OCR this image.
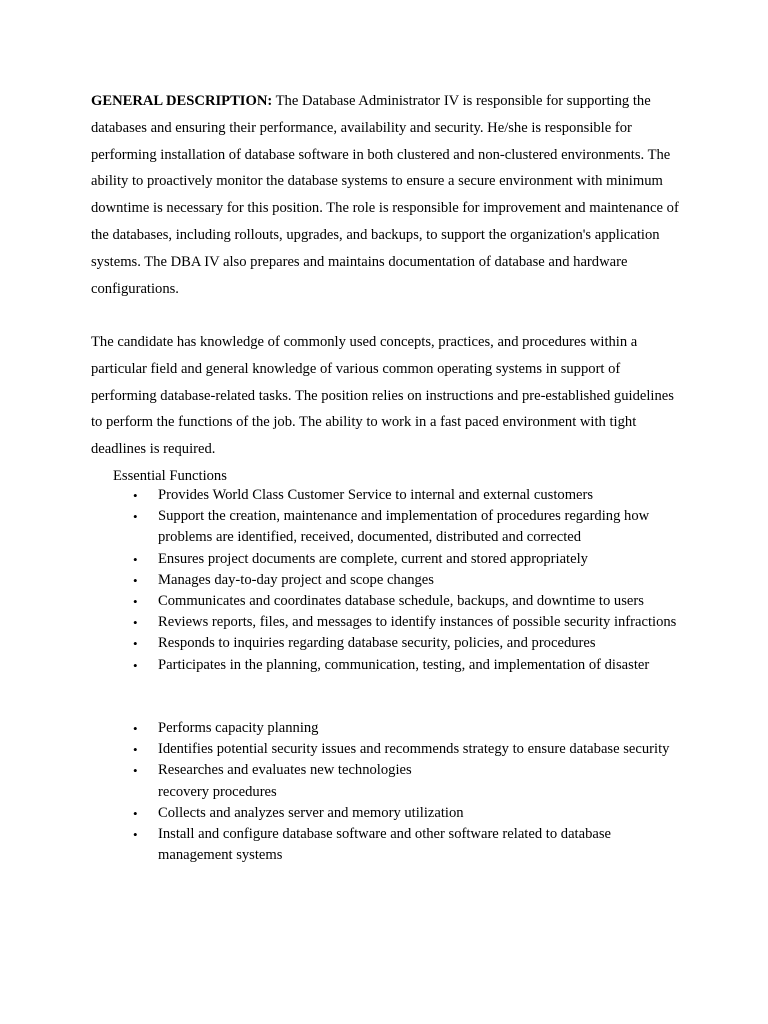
GENERAL DESCRIPTION: The Database Administrator IV is responsible for supporting the databases and ensuring their performance, availability and security. He/she is responsible for performing installation of database software in both clustered and non-clustered environments. The ability to proactively monitor the database systems to ensure a secure environment with minimum downtime is necessary for this position. The role is responsible for improvement and maintenance of the databases, including rollouts, upgrades, and backups, to support the organization's application systems. The DBA IV also prepares and maintains documentation of database and hardware configurations.

The candidate has knowledge of commonly used concepts, practices, and procedures within a particular field and general knowledge of various common operating systems in support of performing database-related tasks. The position relies on instructions and pre-established guidelines to perform the functions of the job. The ability to work in a fast paced environment with tight deadlines is required.

Essential Functions

• Provides World Class Customer Service to internal and external customers
• Support the creation, maintenance and implementation of procedures regarding how problems are identified, received, documented, distributed and corrected
• Ensures project documents are complete, current and stored appropriately
• Manages day-to-day project and scope changes
• Communicates and coordinates database schedule, backups, and downtime to users
• Reviews reports, files, and messages to identify instances of possible security infractions
• Responds to inquiries regarding database security, policies, and procedures
• Participates in the planning, communication, testing, and implementation of disaster
• Performs capacity planning
• Identifies potential security issues and recommends strategy to ensure database security
• Researches and evaluates new technologies
recovery procedures
• Collects and analyzes server and memory utilization
• Install and configure database software and other software related to database management systems
